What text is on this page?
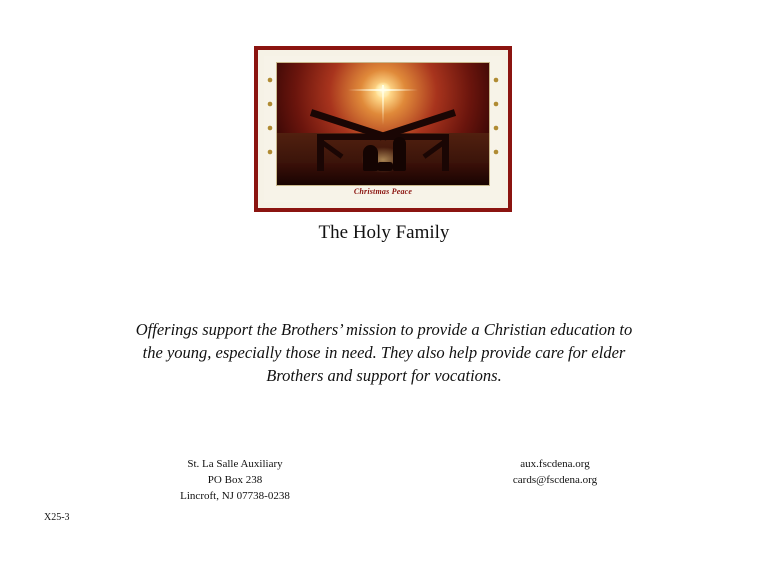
Christmas Peace
The Holy Family
Offerings support the Brothers’ mission to provide a Christian education to the young, especially those in need. They also help provide care for elder Brothers and support for vocations.
St. La Salle Auxiliary
PO Box 238
Lincroft, NJ 07738-0238
aux.fscdena.org
cards@fscdena.org
X25-3
